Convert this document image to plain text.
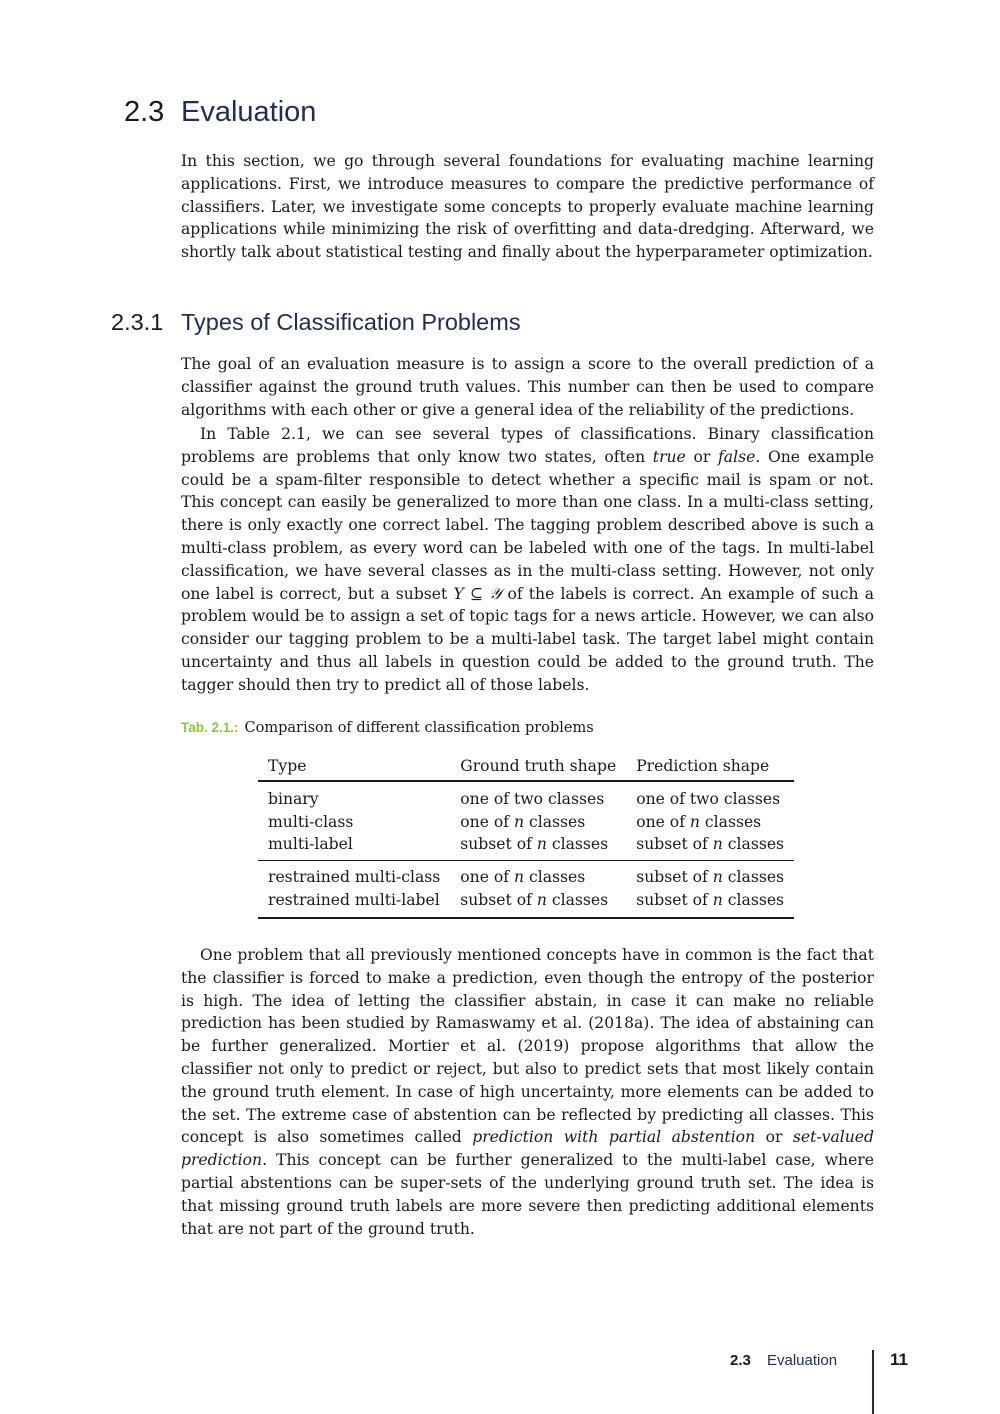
2.3 Evaluation

In this section, we go through several foundations for evaluating machine learning applications. First, we introduce measures to compare the predictive performance of classifiers. Later, we investigate some concepts to properly evaluate machine learning applications while minimizing the risk of overfitting and data-dredging. Afterward, we shortly talk about statistical testing and finally about the hyperparameter optimization.

2.3.1 Types of Classification Problems

The goal of an evaluation measure is to assign a score to the overall prediction of a classifier against the ground truth values. This number can then be used to compare algorithms with each other or give a general idea of the reliability of the predictions.

In Table 2.1, we can see several types of classifications. Binary classification problems are problems that only know two states, often true or false. One example could be a spam-filter responsible to detect whether a specific mail is spam or not. This concept can easily be generalized to more than one class. In a multi-class setting, there is only exactly one correct label. The tagging problem described above is such a multi-class problem, as every word can be labeled with one of the tags. In multi-label classification, we have several classes as in the multi-class setting. However, not only one label is correct, but a subset Y ⊆ 𝒴 of the labels is correct. An example of such a problem would be to assign a set of topic tags for a news article. However, we can also consider our tagging problem to be a multi-label task. The target label might contain uncertainty and thus all labels in question could be added to the ground truth. The tagger should then try to predict all of those labels.

Tab. 2.1.: Comparison of different classification problems

Type	Ground truth shape	Prediction shape
binary	one of two classes	one of two classes
multi-class	one of n classes	one of n classes
multi-label	subset of n classes	subset of n classes
restrained multi-class	one of n classes	subset of n classes
restrained multi-label	subset of n classes	subset of n classes

One problem that all previously mentioned concepts have in common is the fact that the classifier is forced to make a prediction, even though the entropy of the posterior is high. The idea of letting the classifier abstain, in case it can make no reliable prediction has been studied by Ramaswamy et al. (2018a). The idea of abstaining can be further generalized. Mortier et al. (2019) propose algorithms that allow the classifier not only to predict or reject, but also to predict sets that most likely contain the ground truth element. In case of high uncertainty, more elements can be added to the set. The extreme case of abstention can be reflected by predicting all classes. This concept is also sometimes called prediction with partial abstention or set-valued prediction. This concept can be further generalized to the multi-label case, where partial abstentions can be super-sets of the underlying ground truth set. The idea is that missing ground truth labels are more severe then predicting additional elements that are not part of the ground truth.

2.3 Evaluation	11
